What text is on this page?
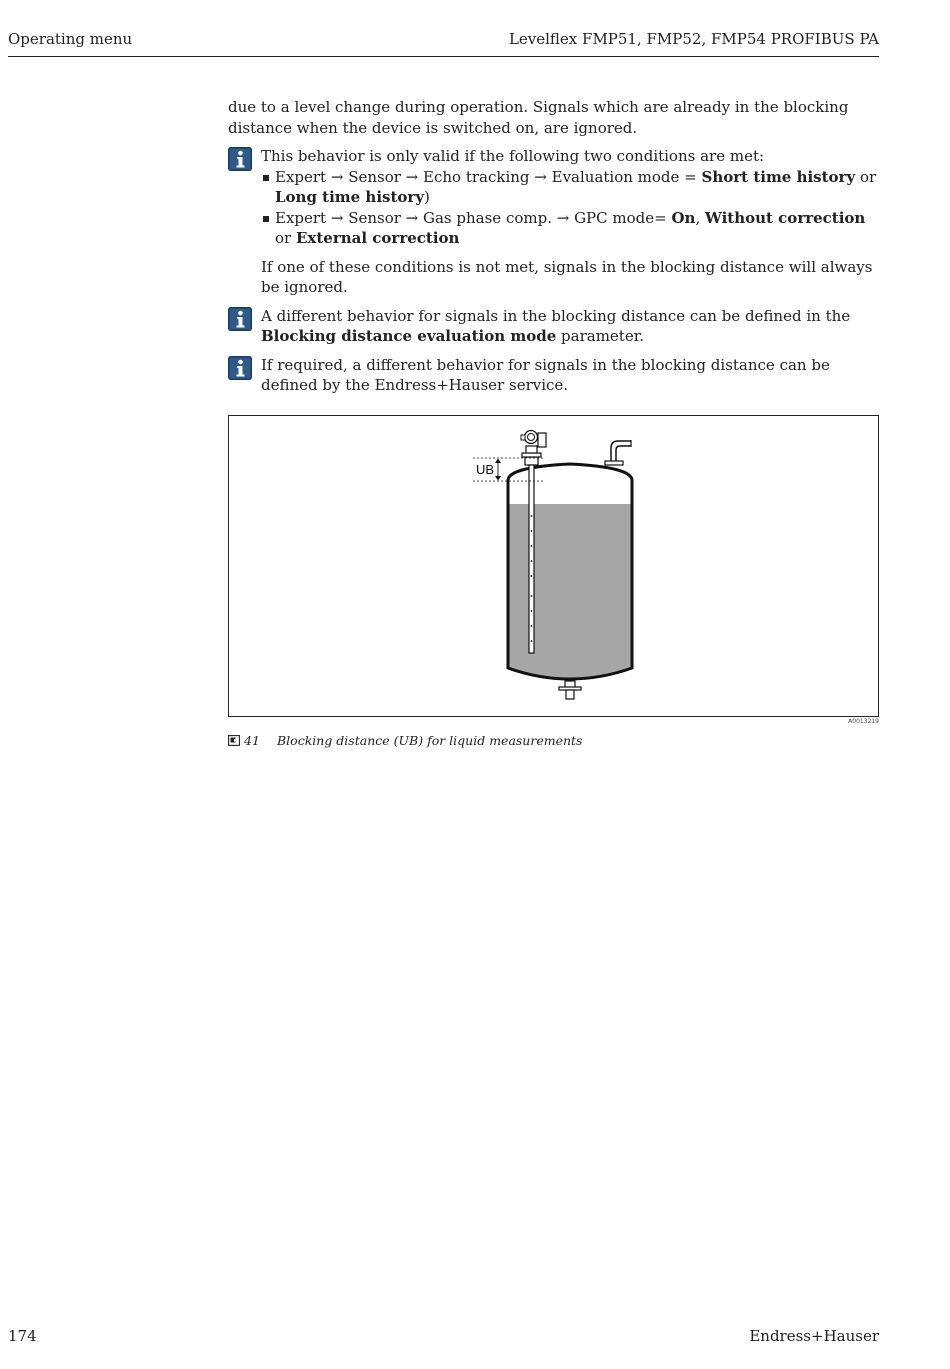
Operating menu	Levelflex FMP51, FMP52, FMP54 PROFIBUS PA

due to a level change during operation. Signals which are already in the blocking distance when the device is switched on, are ignored.

This behavior is only valid if the following two conditions are met:
Expert → Sensor → Echo tracking → Evaluation mode = Short time history or Long time history)
Expert → Sensor → Gas phase comp. → GPC mode= On, Without correction or External correction
If one of these conditions is not met, signals in the blocking distance will always be ignored.
A different behavior for signals in the blocking distance can be defined in the Blocking distance evaluation mode parameter.
If required, a different behavior for signals in the blocking distance can be defined by the Endress+Hauser service.
UB
A0013219
41 Blocking distance (UB) for liquid measurements
174	Endress+Hauser
